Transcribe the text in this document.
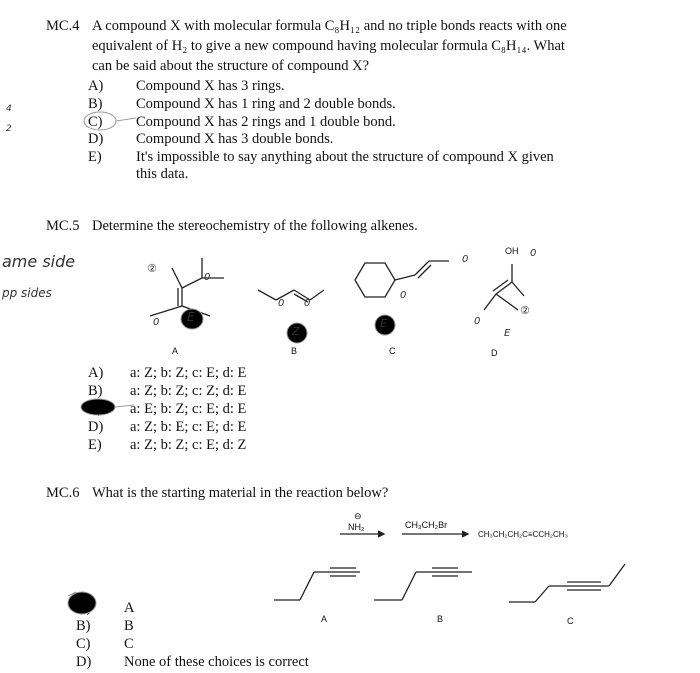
MC.4 A compound X with molecular formula C₈H₁₂ and no triple bonds reacts with one
equivalent of H₂ to give a new compound having molecular formula C₈H₁₄. What
can be said about the structure of compound X?
A) Compound X has 3 rings.
B) Compound X has 1 ring and 2 double bonds.
C) Compound X has 2 rings and 1 double bond.
D) Compound X has 3 double bonds.
E) It's impossible to say anything about the structure of compound X given
this data.
4
2
MC.5 Determine the stereochemistry of the following alkenes.
ame side
pp sides
②
0
0 E
A
0 0
Z
B
0
0
E
C
OH 0
②
0
E
D
A) a: Z; b: Z; c: E; d: E
B) a: Z; b: Z; c: Z; d: E
a: E; b: Z; c: E; d: E
D) a: Z; b: E; c: E; d: E
E) a: Z; b: Z; c: E; d: Z
MC.6 What is the starting material in the reaction below?
⊖
NH₂	CH₃CH₂Br
CH₃CH₂CH₂C≡CCH₂CH₃
A	B	C
A
B) B
C) C
D) None of these choices is correct
